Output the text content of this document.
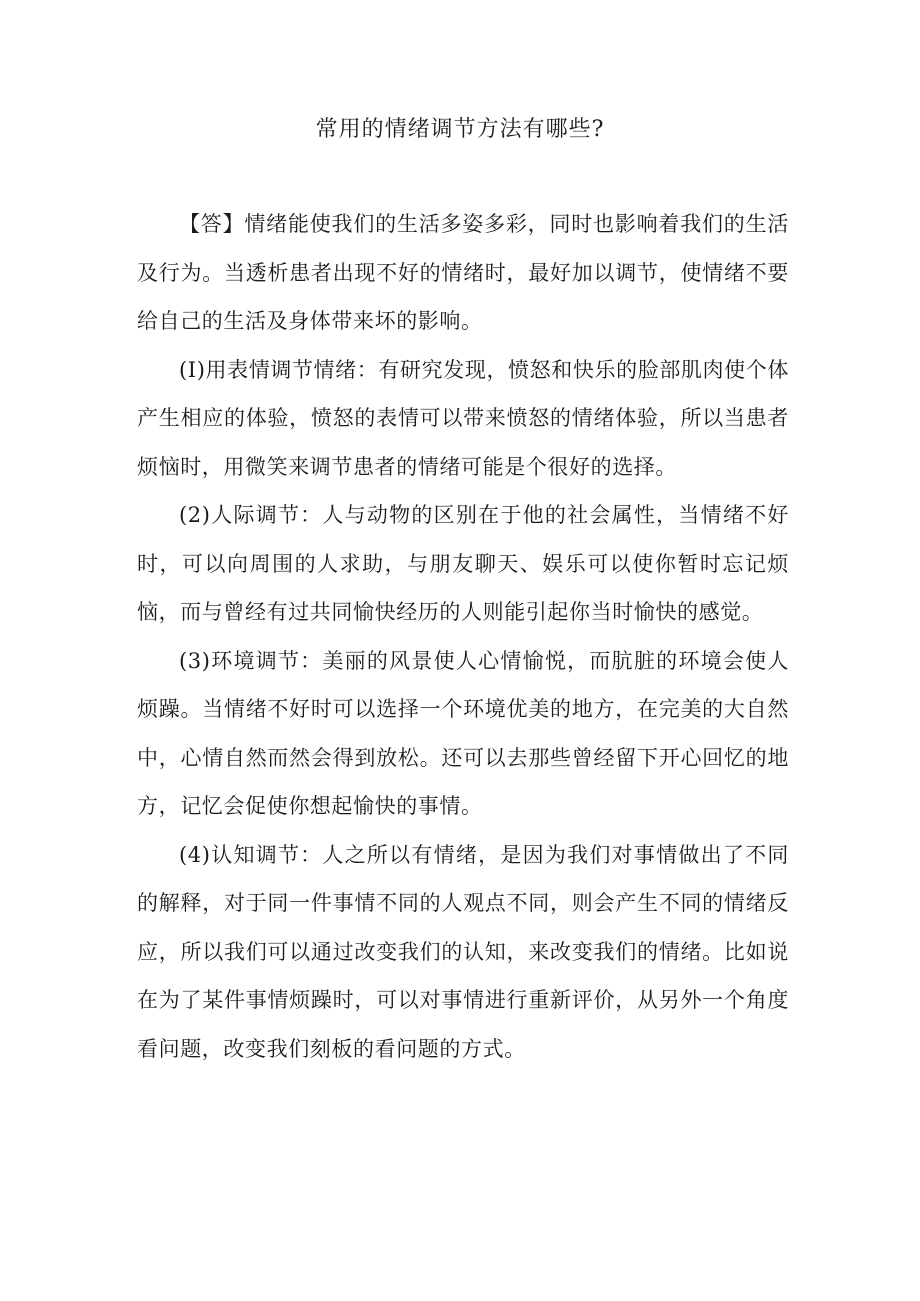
常用的情绪调节方法有哪些?

【答】情绪能使我们的生活多姿多彩，同时也影响着我们的生活及行为。当透析患者出现不好的情绪时，最好加以调节，使情绪不要给自己的生活及身体带来坏的影响。

(I)用表情调节情绪：有研究发现，愤怒和快乐的脸部肌肉使个体产生相应的体验，愤怒的表情可以带来愤怒的情绪体验，所以当患者烦恼时，用微笑来调节患者的情绪可能是个很好的选择。

(2)人际调节：人与动物的区别在于他的社会属性，当情绪不好时，可以向周围的人求助，与朋友聊天、娱乐可以使你暂时忘记烦恼，而与曾经有过共同愉快经历的人则能引起你当时愉快的感觉。

(3)环境调节：美丽的风景使人心情愉悦，而肮脏的环境会使人烦躁。当情绪不好时可以选择一个环境优美的地方，在完美的大自然中，心情自然而然会得到放松。还可以去那些曾经留下开心回忆的地方，记忆会促使你想起愉快的事情。

(4)认知调节：人之所以有情绪，是因为我们对事情做出了不同的解释，对于同一件事情不同的人观点不同，则会产生不同的情绪反应，所以我们可以通过改变我们的认知，来改变我们的情绪。比如说在为了某件事情烦躁时，可以对事情进行重新评价，从另外一个角度看问题，改变我们刻板的看问题的方式。
